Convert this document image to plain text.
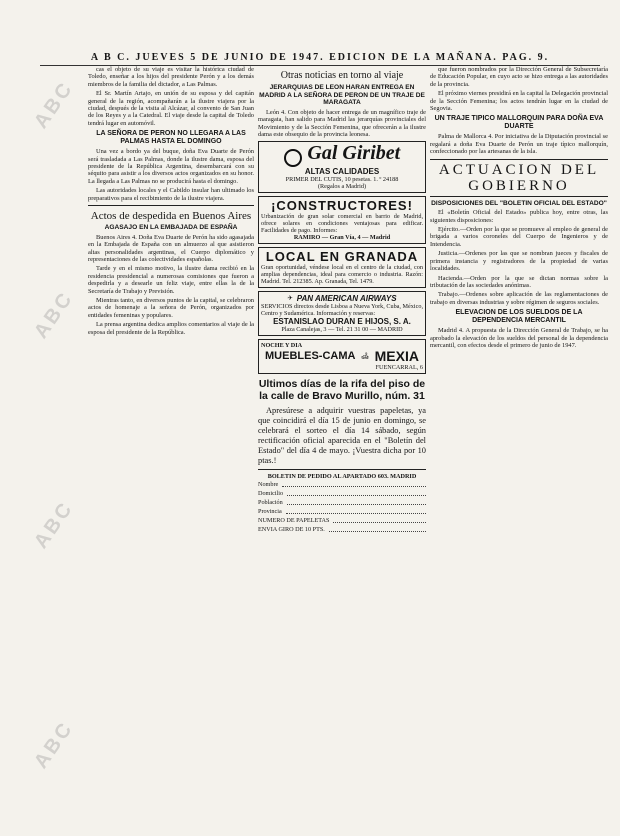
ABC
ABC
ABC
ABC
A B C. JUEVES 5 DE JUNIO DE 1947. EDICION DE LA MAÑANA. PAG. 9.

cas el objeto de su viaje es visitar la histórica ciudad de Toledo, enseñar a los hijos del presidente Perón y a los demás miembros de la familia del dictador, a Las Palmas.

El Sr. Martín Artajo, en unión de su esposa y del capitán general de la región, acompañarán a la ilustre viajera por la ciudad, después de la visita al Alcázar, al convento de San Juan de los Reyes y a la Catedral. El viaje desde la capital de Toledo tendrá lugar en automóvil.

LA SEÑORA DE PERON NO LLEGARA A LAS PALMAS HASTA EL DOMINGO

Una vez a bordo ya del buque, doña Eva Duarte de Perón será trasladada a Las Palmas, donde la ilustre dama, esposa del presidente de la República Argentina, desembarcará con su séquito para asistir a los diversos actos organizados en su honor. La llegada a Las Palmas no se producirá hasta el domingo.

Las autoridades locales y el Cabildo insular han ultimado los preparativos para el recibimiento de la ilustre viajera.

Actos de despedida en Buenos Aires
AGASAJO EN LA EMBAJADA DE ESPAÑA

Buenos Aires 4. Doña Eva Duarte de Perón ha sido agasajada en la Embajada de España con un almuerzo al que asistieron altas personalidades argentinas, el Cuerpo diplomático y representaciones de las colectividades españolas.

Tarde y en el mismo motivo, la ilustre dama recibió en la residencia presidencial a numerosas comisiones que fueron a despedirla y a desearle un feliz viaje, entre ellas la de la Secretaría de Trabajo y Previsión.

Mientras tanto, en diversos puntos de la capital, se celebraron actos de homenaje a la señora de Perón, organizados por entidades femeninas y populares.

La prensa argentina dedica amplios comentarios al viaje de la esposa del presidente de la República.

Otras noticias en torno al viaje
JERARQUIAS DE LEON HARAN ENTREGA EN MADRID A LA SEÑORA DE PERON DE UN TRAJE DE MARAGATA

León 4. Con objeto de hacer entrega de un magnífico traje de maragata, han salido para Madrid las jerarquías provinciales del Movimiento y de la Sección Femenina, que ofrecerán a la ilustre dama este obsequio de la provincia leonesa.

Gal Giribet
ALTAS CALIDADES
PRIMER DEL CUTIS, 10 pesetas. 1. º 24188
(Regalos a Madrid)
¡CONSTRUCTORES!
Urbanización de gran solar comercial en barrio de Madrid, ofrece solares en condiciones ventajosas para edificar. Facilidades de pago. Informes:
RAMIRO — Gran Vía, 4 — Madrid
LOCAL EN GRANADA
Gran oportunidad, véndese local en el centro de la ciudad, con amplias dependencias, ideal para comercio o industria. Razón: Madrid. Tel. 212385. Ap. Granada, Tel. 1479.
✈ PAN AMERICAN AIRWAYS
SERVICIOS directos desde Lisboa a Nueva York, Cuba, México, Centro y Sudamérica. Información y reservas:
ESTANISLAO DURAN E HIJOS, S. A.
Plaza Canalejas, 3 — Tel. 21 31 00 — MADRID
NOCHE Y DIA
MUEBLES-CAMA 🛋 MEXIA
FUENCARRAL, 6
Ultimos días de la rifa del piso de la calle de Bravo Murillo, núm. 31

Apresúrese a adquirir vuestras papeletas, ya que coincidirá el día 15 de junio en domingo, se celebrará el sorteo el día 14 sábado, según rectificación oficial aparecida en el "Boletín del Estado" del día 4 de mayo. ¡Vuestra dicha por 10 ptas.!

BOLETIN DE PEDIDO AL APARTADO 603. MADRID
Nombre
Domicilio
Población
Provincia
NUMERO DE PAPELETAS
ENVIA GIRO DE 10 PTS.

que fueron nombrados por la Dirección General de Subsecretaría de Educación Popular, en cuyo acto se hizo entrega a las autoridades de la provincia.

El próximo viernes presidirá en la capital la Delegación provincial de la Sección Femenina; los actos tendrán lugar en la ciudad de Segovia.

UN TRAJE TIPICO MALLORQUIN PARA DOÑA EVA DUARTE

Palma de Mallorca 4. Por iniciativa de la Diputación provincial se regalará a doña Eva Duarte de Perón un traje típico mallorquín, confeccionado por las artesanas de la isla.

ACTUACION DEL GOBIERNO
DISPOSICIONES DEL "BOLETIN OFICIAL DEL ESTADO"

El «Boletín Oficial del Estado» publica hoy, entre otras, las siguientes disposiciones:

Ejército.—Orden por la que se promueve al empleo de general de brigada a varios coroneles del Cuerpo de Ingenieros y de Intendencia.

Justicia.—Ordenes por las que se nombran jueces y fiscales de primera instancia y registradores de la propiedad de varias localidades.

Hacienda.—Orden por la que se dictan normas sobre la tributación de las sociedades anónimas.

Trabajo.—Ordenes sobre aplicación de las reglamentaciones de trabajo en diversas industrias y sobre régimen de seguros sociales.

ELEVACION DE LOS SUELDOS DE LA DEPENDENCIA MERCANTIL

Madrid 4. A propuesta de la Dirección General de Trabajo, se ha aprobado la elevación de los sueldos del personal de la dependencia mercantil, con efectos desde el primero de junio de 1947.
